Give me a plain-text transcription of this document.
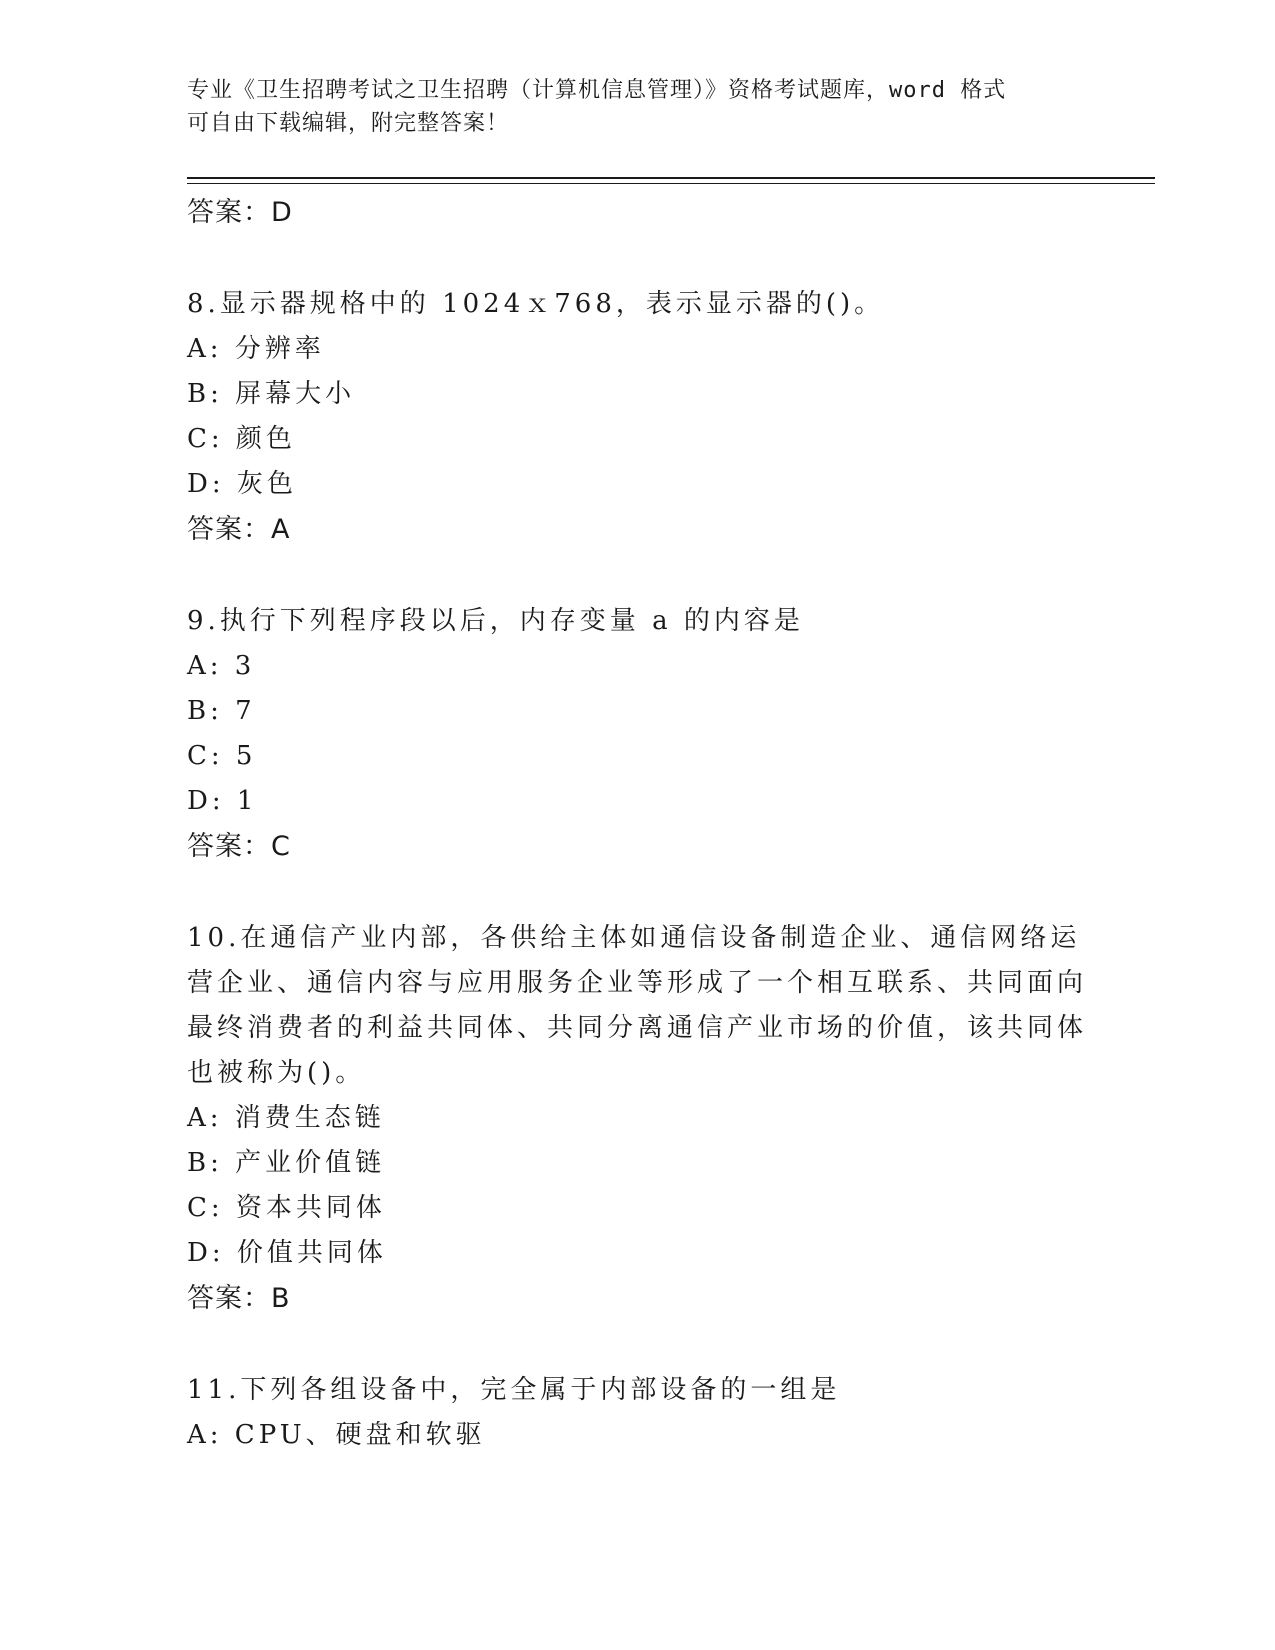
专业《卫生招聘考试之卫生招聘（计算机信息管理）》资格考试题库，word 格式

可自由下载编辑，附完整答案！

答案：D

8.显示器规格中的 1024ｘ768，表示显示器的()。

A: 分辨率

B: 屏幕大小

C: 颜色

D: 灰色

答案：A

9.执行下列程序段以后，内存变量 a 的内容是

A: 3

B: 7

C: 5

D: 1

答案：C

10.在通信产业内部，各供给主体如通信设备制造企业、通信网络运营企业、通信内容与应用服务企业等形成了一个相互联系、共同面向最终消费者的利益共同体、共同分离通信产业市场的价值，该共同体也被称为()。

A: 消费生态链

B: 产业价值链

C: 资本共同体

D: 价值共同体

答案：B

11.下列各组设备中，完全属于内部设备的一组是

A: CPU、硬盘和软驱
